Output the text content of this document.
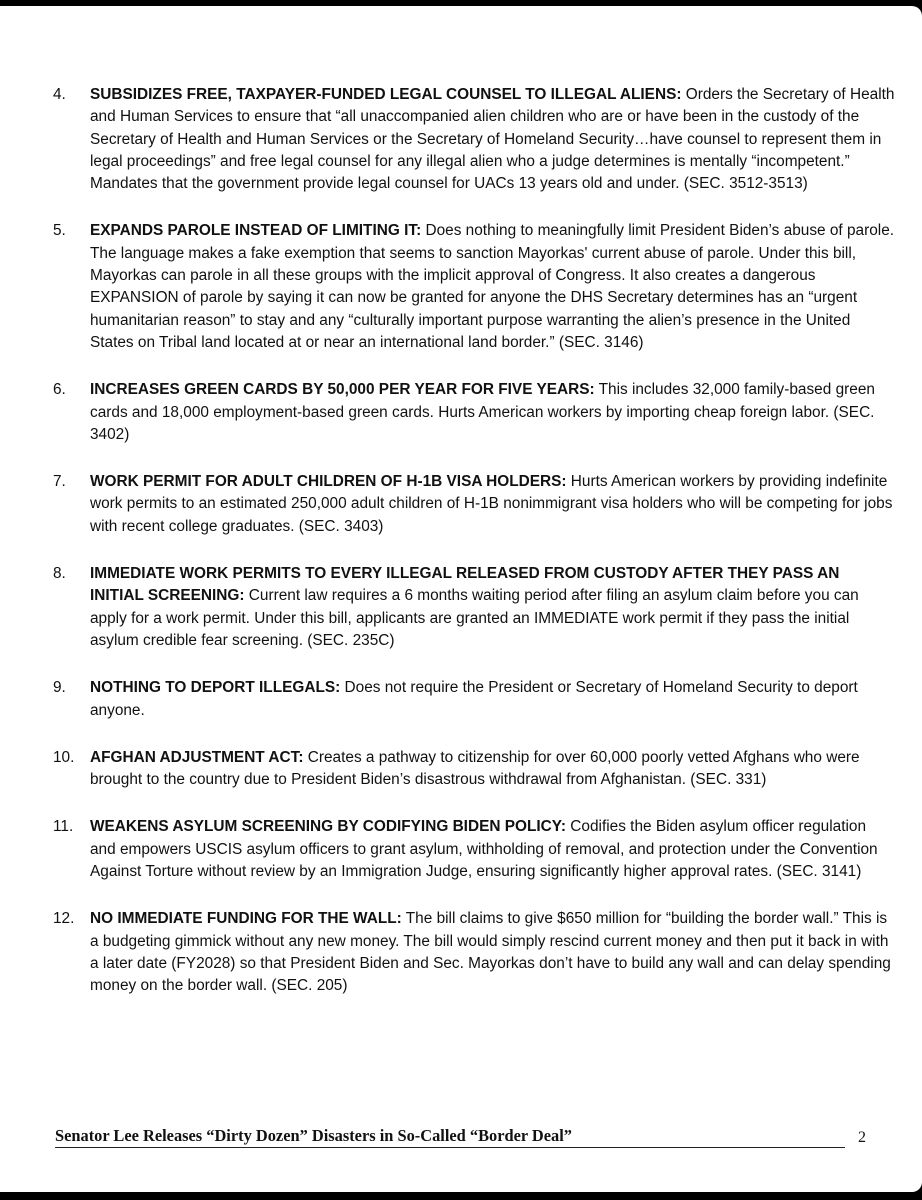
4.	SUBSIDIZES FREE, TAXPAYER-FUNDED LEGAL COUNSEL TO ILLEGAL ALIENS: Orders the Secretary of Health and Human Services to ensure that “all unaccompanied alien children who are or have been in the custody of the Secretary of Health and Human Services or the Secretary of Homeland Security…have counsel to represent them in legal proceedings” and free legal counsel for any illegal alien who a judge determines is mentally “incompetent.” Mandates that the government provide legal counsel for UACs 13 years old and under. (SEC. 3512-3513)
5.	EXPANDS PAROLE INSTEAD OF LIMITING IT: Does nothing to meaningfully limit President Biden’s abuse of parole. The language makes a fake exemption that seems to sanction Mayorkas' current abuse of parole. Under this bill, Mayorkas can parole in all these groups with the implicit approval of Congress. It also creates a dangerous EXPANSION of parole by saying it can now be granted for anyone the DHS Secretary determines has an “urgent humanitarian reason” to stay and any “culturally important purpose warranting the alien’s presence in the United States on Tribal land located at or near an international land border.” (SEC. 3146)
6.	INCREASES GREEN CARDS BY 50,000 PER YEAR FOR FIVE YEARS: This includes 32,000 family-based green cards and 18,000 employment-based green cards. Hurts American workers by importing cheap foreign labor. (SEC. 3402)
7.	WORK PERMIT FOR ADULT CHILDREN OF H-1B VISA HOLDERS: Hurts American workers by providing indefinite work permits to an estimated 250,000 adult children of H-1B nonimmigrant visa holders who will be competing for jobs with recent college graduates. (SEC. 3403)
8.	IMMEDIATE WORK PERMITS TO EVERY ILLEGAL RELEASED FROM CUSTODY AFTER THEY PASS AN INITIAL SCREENING: Current law requires a 6 months waiting period after filing an asylum claim before you can apply for a work permit. Under this bill, applicants are granted an IMMEDIATE work permit if they pass the initial asylum credible fear screening. (SEC. 235C)
9.	NOTHING TO DEPORT ILLEGALS: Does not require the President or Secretary of Homeland Security to deport anyone.
10.	AFGHAN ADJUSTMENT ACT: Creates a pathway to citizenship for over 60,000 poorly vetted Afghans who were brought to the country due to President Biden’s disastrous withdrawal from Afghanistan. (SEC. 331)
11.	WEAKENS ASYLUM SCREENING BY CODIFYING BIDEN POLICY: Codifies the Biden asylum officer regulation and empowers USCIS asylum officers to grant asylum, withholding of removal, and protection under the Convention Against Torture without review by an Immigration Judge, ensuring significantly higher approval rates. (SEC. 3141)
12.	NO IMMEDIATE FUNDING FOR THE WALL: The bill claims to give $650 million for “building the border wall.” This is a budgeting gimmick without any new money. The bill would simply rescind current money and then put it back in with a later date (FY2028) so that President Biden and Sec. Mayorkas don’t have to build any wall and can delay spending money on the border wall. (SEC. 205)
Senator Lee Releases “Dirty Dozen” Disasters in So-Called “Border Deal”	2
